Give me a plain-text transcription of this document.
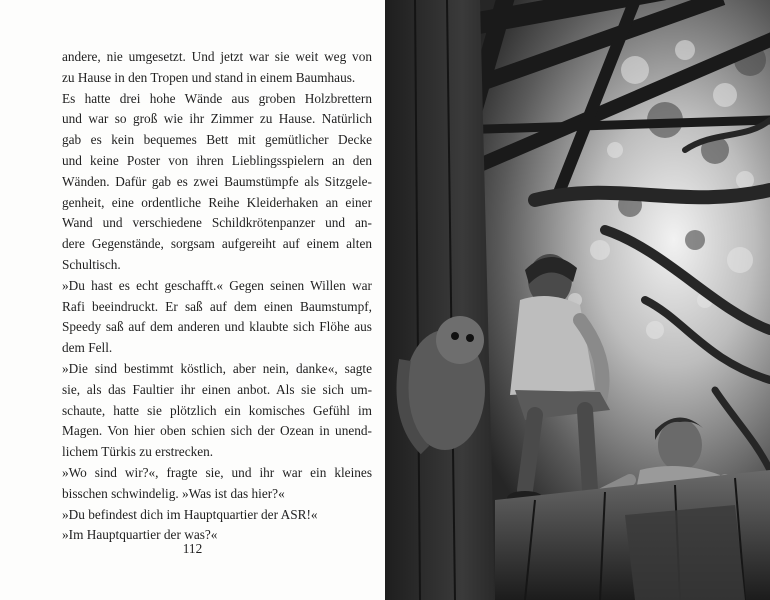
andere, nie umgesetzt. Und jetzt war sie weit weg von
zu Hause in den Tropen und stand in einem Baumhaus.

Es hatte drei hohe Wände aus groben Holzbrettern
und war so groß wie ihr Zimmer zu Hause. Natürlich
gab es kein bequemes Bett mit gemütlicher Decke
und keine Poster von ihren Lieblingsspielern an den
Wänden. Dafür gab es zwei Baumstümpfe als Sitzgele-
genheit, eine ordentliche Reihe Kleiderhaken an einer
Wand und verschiedene Schildkrötenpanzer und an-
dere Gegenstände, sorgsam aufgereiht auf einem alten
Schultisch.

»Du hast es echt geschafft.« Gegen seinen Willen war
Rafi beeindruckt. Er saß auf dem einen Baumstumpf,
Speedy saß auf dem anderen und klaubte sich Flöhe aus
dem Fell.

»Die sind bestimmt köstlich, aber nein, danke«, sagte
sie, als das Faultier ihr einen anbot. Als sie sich um-
schaute, hatte sie plötzlich ein komisches Gefühl im
Magen. Von hier oben schien sich der Ozean in unend-
lichem Türkis zu erstrecken.

»Wo sind wir?«, fragte sie, und ihr war ein kleines
bisschen schwindelig. »Was ist das hier?«

»Du befindest dich im Hauptquartier der ASR!«

»Im Hauptquartier der was?«

112
